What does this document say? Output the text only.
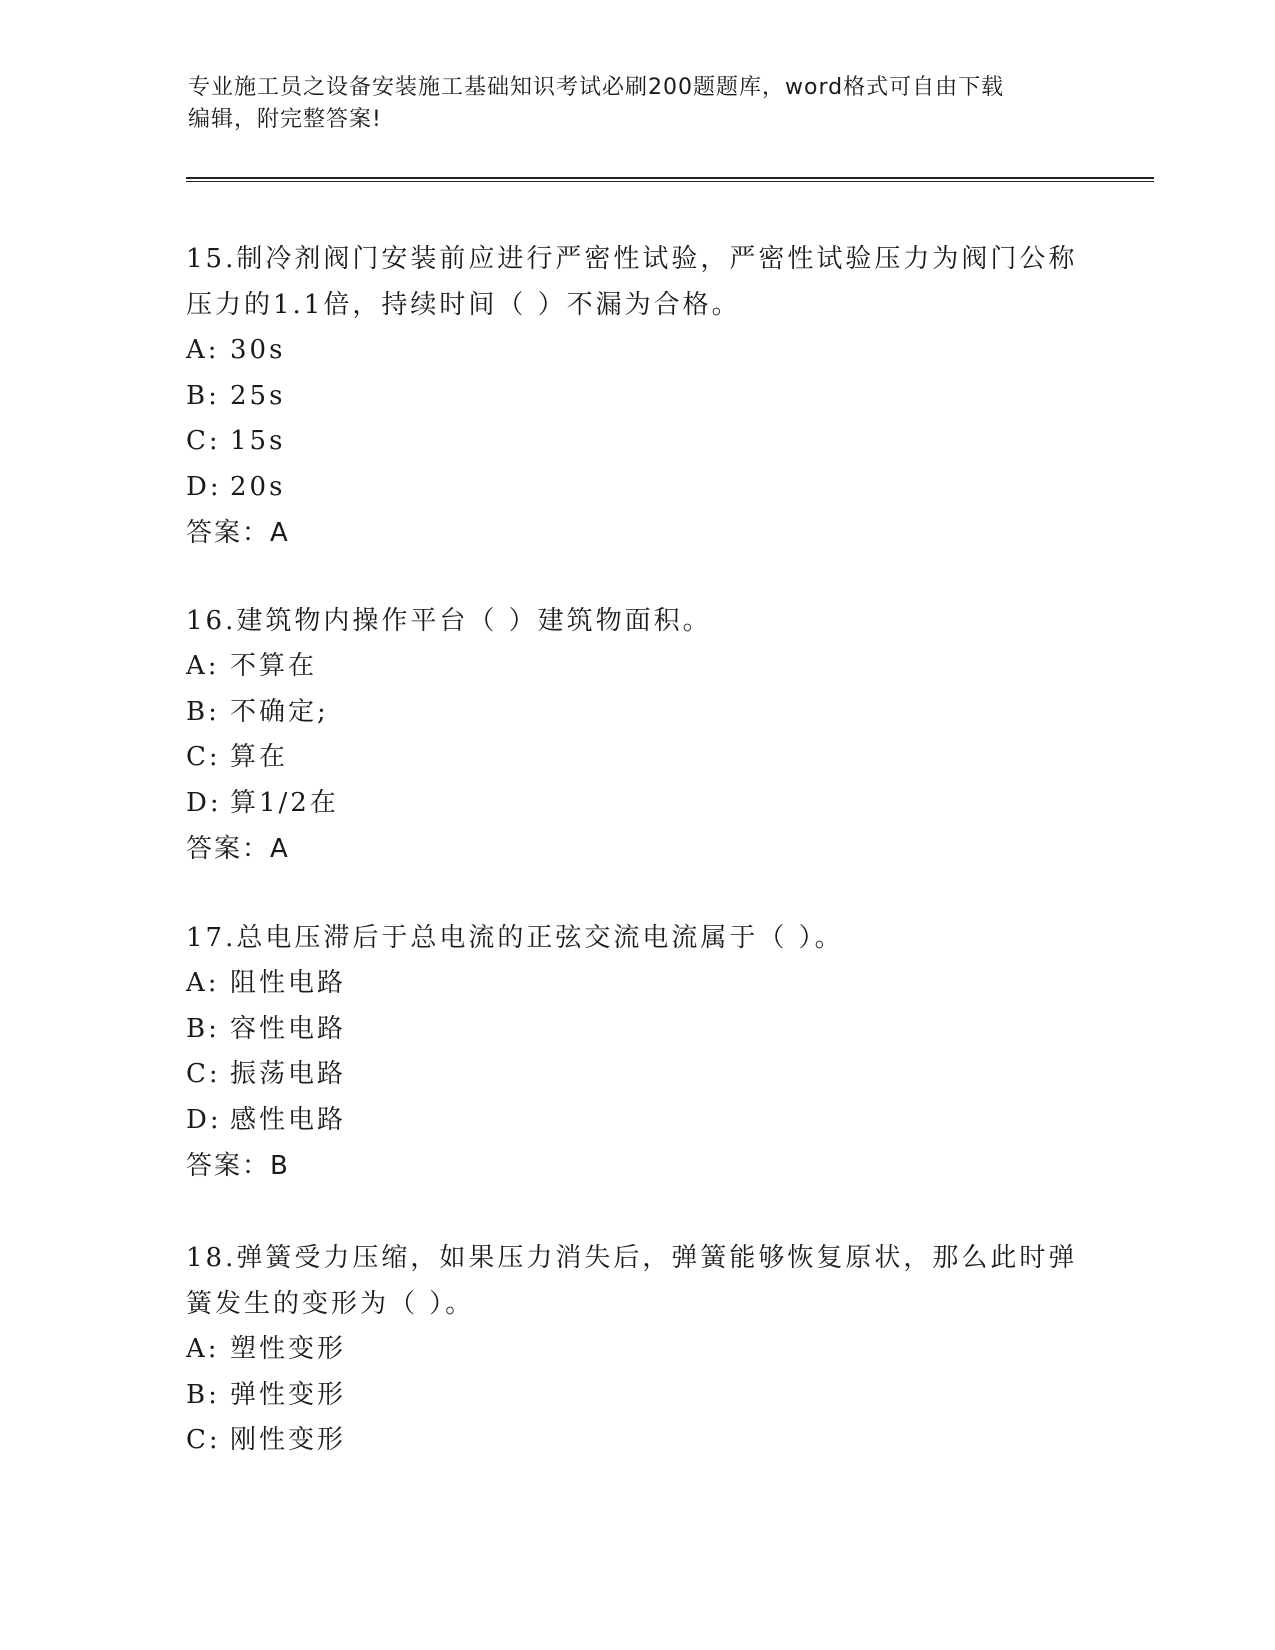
专业施工员之设备安装施工基础知识考试必刷200题题库，word格式可自由下载
编辑，附完整答案!
15.制冷剂阀门安装前应进行严密性试验，严密性试验压力为阀门公称
压力的1.1倍，持续时间（ ）不漏为合格。
A: 30s
B: 25s
C: 15s
D: 20s
答案：A
16.建筑物内操作平台（ ）建筑物面积。
A: 不算在
B: 不确定;
C: 算在
D: 算1/2在
答案：A
17.总电压滞后于总电流的正弦交流电流属于（ ）。
A: 阻性电路
B: 容性电路
C: 振荡电路
D: 感性电路
答案：B
18.弹簧受力压缩，如果压力消失后，弹簧能够恢复原状，那么此时弹
簧发生的变形为（ ）。
A: 塑性变形
B: 弹性变形
C: 刚性变形
